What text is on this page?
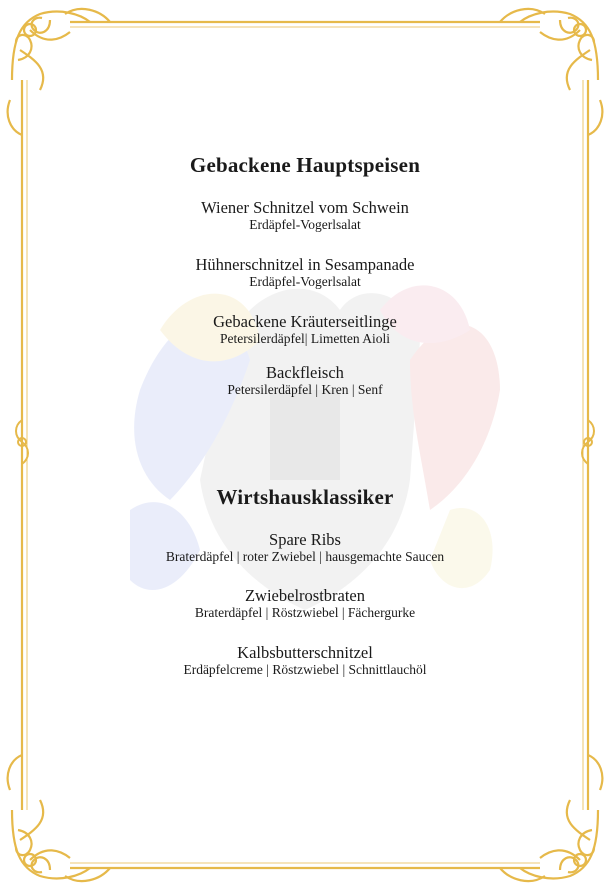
Gebackene Hauptspeisen
Wiener Schnitzel vom Schwein
Erdäpfel-Vogerlsalat
Hühnerschnitzel in Sesampanade
Erdäpfel-Vogerlsalat
Gebackene Kräuterseitlinge
Petersilerdäpfel| Limetten Aioli
Backfleisch
Petersilerdäpfel | Kren | Senf
Wirtshausklassiker
Spare Ribs
Braterdäpfel | roter Zwiebel | hausgemachte Saucen
Zwiebelrostbraten
Braterdäpfel | Röstzwiebel | Fächergurke
Kalbsbutterschnitzel
Erdäpfelcreme | Röstzwiebel | Schnittlauchöl
